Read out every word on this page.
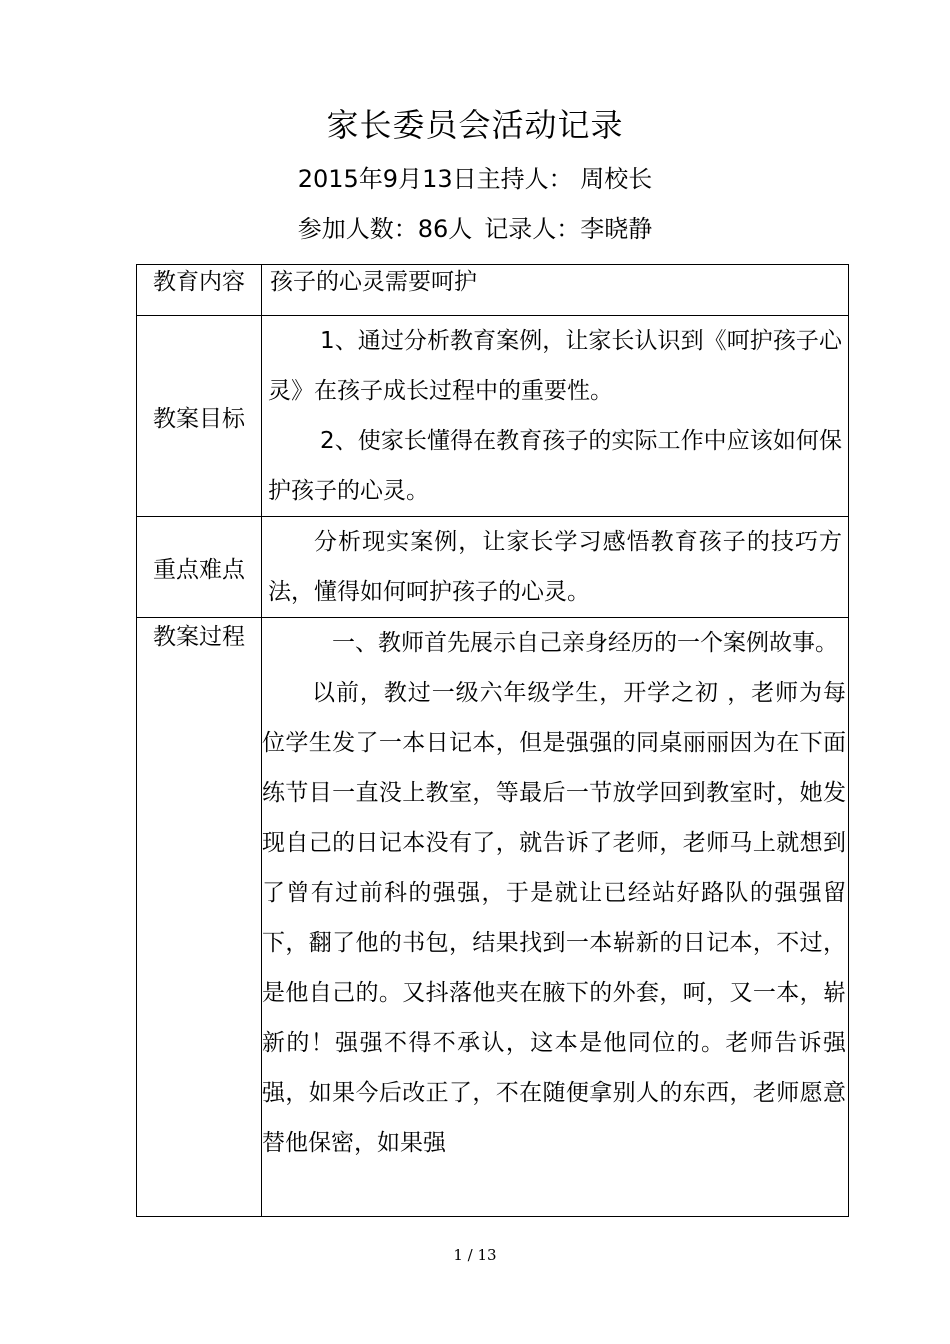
家长委员会活动记录
2015年9月13日主持人： 周校长
参加人数：86人 记录人：李晓静
教育内容	孩子的心灵需要呵护

教案目标	1、通过分析教育案例，让家长认识到《呵护孩子心灵》在孩子成长过程中的重要性。

2、使家长懂得在教育孩子的实际工作中应该如何保护孩子的心灵。

重点难点	分析现实案例，让家长学习感悟教育孩子的技巧方法，懂得如何呵护孩子的心灵。

教案过程	一、教师首先展示自己亲身经历的一个案例故事。

以前，教过一级六年级学生，开学之初 ，老师为每位学生发了一本日记本，但是强强的同桌丽丽因为在下面练节目一直没上教室，等最后一节放学回到教室时，她发现自己的日记本没有了，就告诉了老师，老师马上就想到了曾有过前科的强强，于是就让已经站好路队的强强留下，翻了他的书包，结果找到一本崭新的日记本，不过，是他自己的。又抖落他夹在腋下的外套，呵，又一本，崭新的！强强不得不承认，这本是他同位的。老师告诉强强，如果今后改正了，不在随便拿别人的东西，老师愿意替他保密，如果强

1 / 13
